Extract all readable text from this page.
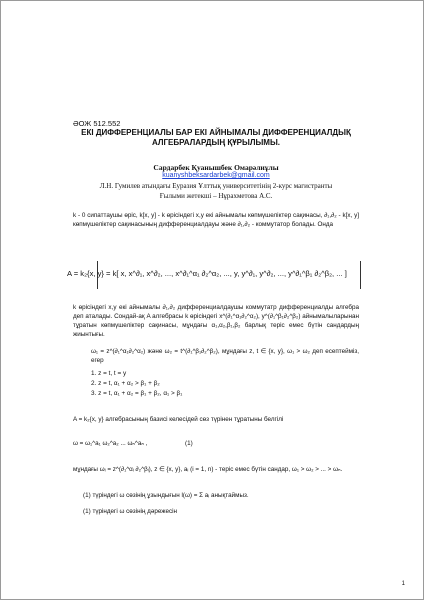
ӘОЖ 512.552
ЕКІ ДИФФЕРЕНЦИАЛЫ БАР ЕКІ АЙНЫМАЛЫ ДИФФЕРЕНЦИАЛДЫҚ АЛГЕБРАЛАРДЫҢ ҚҰРЫЛЫМЫ.
Сардарбек Қуанышбек Омарәлиұлы
kuanyshbeksardarbek@gmail.com
Л.Н. Гумилев атындағы Еуразия Ұлттық университетінің 2-курс магистранты
Ғылыми жетекші – Нұрахметова А.С.
k - 0 сипаттаушы өріс, k[x, y] - k өрісіндегі x,y екі айнымалы көпмүшеліктер сақинасы, ∂₁,∂₂ - k[x, y] көпмүшеліктер сақинасының дифференциалдауы және ∂₁,∂₂ - коммутатор болады. Онда
A = k₂{x, y} = k[ x, x^∂₁, x^∂₂, ..., x^∂₁^α₁ ∂₂^α₂, ..., y, y^∂₁, y^∂₂, ..., y^∂₁^β₁ ∂₂^β₂, ... ]
k өрісіндегі x,y екі айнымалы ∂₁,∂₂ дифференциалдаушы коммутатр дифференциалды алгебра деп аталады. Сондай-ақ A алгебрасы k өрісіндегі x^(∂₁^α₁∂₂^α₂), y^(∂₁^β₁∂₂^β₂) айнымалыларынан тұратын көпмүшеліктер сақинасы, мұндағы α₁,α₂,β₁,β₂ барлық теріс емес бүтін сандардың жиынтығы.
ω₁ = z^(∂₁^α₁∂₂^α₂) және ω₂ = t^(∂₁^β₁∂₂^β₂), мұндағы z, t ∈ {x, y}, ω₁ > ω₂ деп есептейміз, егер
1. z = t, t = y
2. z = t, α₁ + α₂ > β₁ + β₂
3. z = t, α₁ + α₂ = β₁ + β₂, α₁ > β₁
A = k₂{x, y} алгебрасының базисі келесідей сөз түрінен тұратыны белгілі
ω = ω₁^a₁ ω₂^a₂ ... ωₙ^aₙ ,	(1)
мұндағы ωᵢ = z^(∂₁^αᵢ ∂₂^βᵢ), z ∈ {x, y}, aᵢ (i = 1, n) - теріс емес бүтін сандар, ω₁ > ω₂ > ... > ωₙ.
(1) түріндегі ω сөзінің ұзындығын l(ω) = Σ aᵢ анықтаймыз.
(1) түріндегі ω сөзінің дәрежесін
1
